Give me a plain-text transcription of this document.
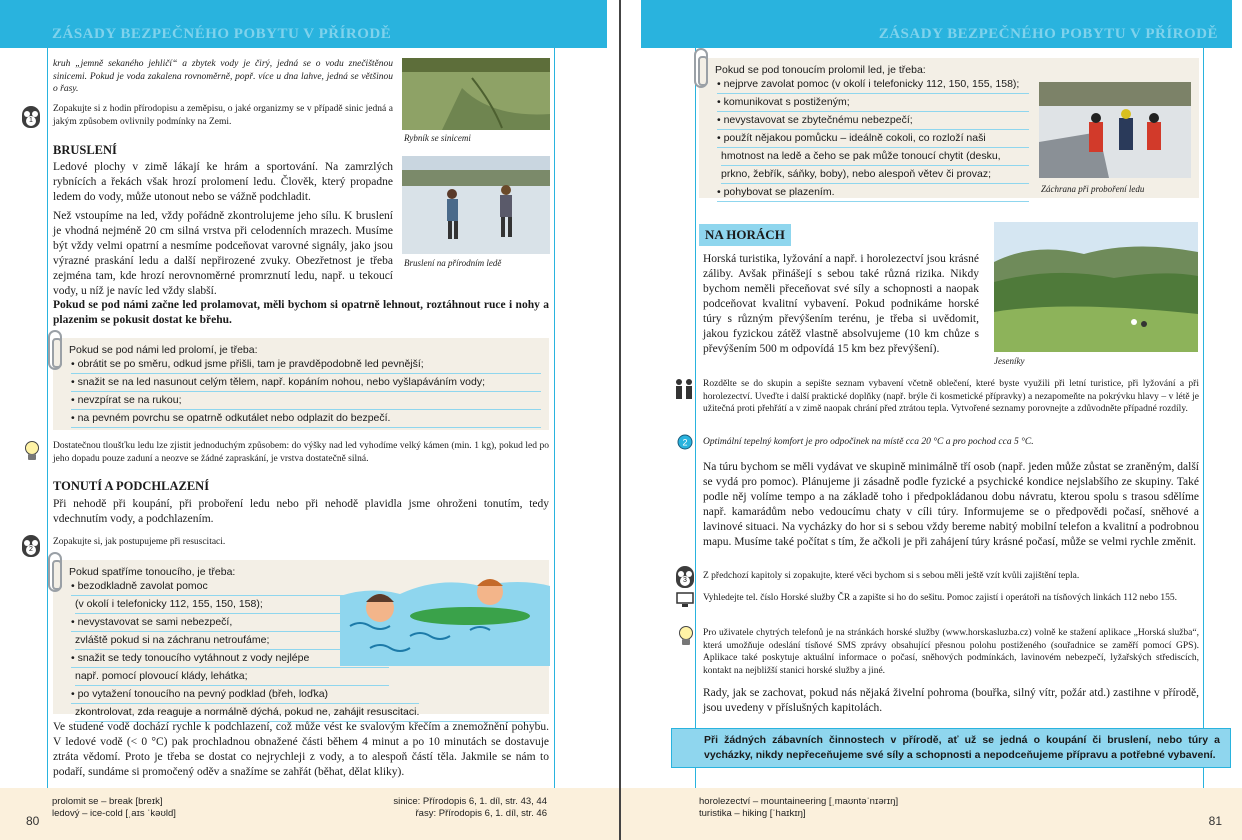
ZÁSADY BEZPEČNÉHO POBYTU V PŘÍRODĚ
kruh „jemně sekaného jehličí“ a zbytek vody je čirý, jedná se o vodu znečištěnou sinicemi. Pokud je voda zakalena rovnoměrně, popř. více u dna lahve, jedná se většinou o řasy.
1
Zopakujte si z hodin přírodopisu a zeměpisu, o jaké organizmy se v případě sinic jedná a jakým způsobem ovlivnily podmínky na Zemi.
Rybník se sinicemi
BRUSLENÍ
Ledové plochy v zimě lákají ke hrám a sportování. Na zamrzlých rybnících a řekách však hrozí prolomení ledu. Člověk, který propadne ledem do vody, může utonout nebo se vážně podchladit.
Bruslení na přírodním ledě
Než vstoupíme na led, vždy pořádně zkontrolujeme jeho sílu. K bruslení je vhodná nejméně 20 cm silná vrstva při celodenních mrazech. Musíme být vždy velmi opatrní a nesmíme podceňovat varovné signály, jako jsou výrazné praskání ledu a další nepřirozené zvuky. Obezřetnost je třeba zejména tam, kde hrozí nerovnoměrné promrznutí ledu, např. u tekoucí vody, u níž je navíc led vždy slabší.
Pokud se pod námi začne led prolamovat, měli bychom si opatrně lehnout, roztáhnout ruce i nohy a plazenim se pokusit dostat ke břehu.
Pokud se pod námi led prolomí, je třeba:
• obrátit se po směru, odkud jsme přišli, tam je pravděpodobně led pevnější;
• snažit se na led nasunout celým tělem, např. kopáním nohou, nebo vyšlapáváním vody;
• nevzpírat se na rukou;
• na pevném povrchu se opatrně odkutálet nebo odplazit do bezpečí.
Dostatečnou tloušťku ledu lze zjistit jednoduchým způsobem: do výšky nad led vyhodíme velký kámen (min. 1 kg), pokud led po jeho dopadu pouze zaduní a neozve se žádné zapraskání, je vrstva dostatečně silná.
TONUTÍ A PODCHLAZENÍ
Při nehodě při koupání, při proboření ledu nebo při nehodě plavidla jsme ohroženi tonutím, tedy vdechnutím vody, a podchlazením.
2
Zopakujte si, jak postupujeme při resuscitaci.
Pokud spatříme tonoucího, je třeba:
• bezodkladně zavolat pomoc
(v okolí i telefonicky 112, 155, 150, 158);
• nevystavovat se sami nebezpečí,
zvláště pokud si na záchranu netroufáme;
• snažit se tedy tonoucího vytáhnout z vody nejlépe
např. pomocí plovoucí klády, lehátka;
• po vytažení tonoucího na pevný podklad (břeh, loďka)
zkontrolovat, zda reaguje a normálně dýchá, pokud ne, zahájit resuscitaci.
Ve studené vodě dochází rychle k podchlazení, což může vést ke svalovým křečím a znemožnění pohybu. V ledové vodě (< 0 °C) pak prochladnou obnažené části během 4 minut a po 10 minutách se dostavuje ztráta vědomí. Proto je třeba se dostat co nejrychleji z vody, a to alespoň částí těla. Jakmile se nám to podaří, sundáme si promočený oděv a snažíme se zahřát (běhat, dělat kliky).
prolomit se – break [breɪk]
ledový – ice-cold [ˌaɪs ˈkəʊld]
sinice: Přírodopis 6, 1. díl, str. 43, 44
řasy: Přírodopis 6, 1. díl, str. 46
80
ZÁSADY BEZPEČNÉHO POBYTU V PŘÍRODĚ
Pokud se pod tonoucím prolomil led, je třeba:
• nejprve zavolat pomoc (v okolí i telefonicky 112, 150, 155, 158);
• komunikovat s postiženým;
• nevystavovat se zbytečnému nebezpečí;
• použít nějakou pomůcku – ideálně cokoli, co rozloží naši
hmotnost na ledě a čeho se pak může tonoucí chytit (desku,
prkno, žebřík, sáňky, boby), nebo alespoň větev či provaz;
• pohybovat se plazením.	Záchrana při proboření ledu
NA HORÁCH
Horská turistika, lyžování a např. i horolezectví jsou krásné záliby. Avšak přinášejí s sebou také různá rizika. Nikdy bychom neměli přeceňovat své síly a schopnosti a naopak podceňovat kvalitní vybavení. Pokud podnikáme horské túry s různým převýšením terénu, je třeba si uvědomit, jakou fyzickou zátěž vlastně absolvujeme (10 km chůze s převýšením 500 m odpovídá 15 km bez převýšení).
Jeseníky
Rozdělte se do skupin a sepište seznam vybavení včetně oblečení, které byste využili při letní turistice, při lyžování a při horolezectví. Uveďte i další praktické doplňky (např. brýle či kosmetické přípravky) a nezapomeňte na pokrývku hlavy – v létě je užitečná proti přehřátí a v zimě naopak chrání před ztrátou tepla. Vytvořené seznamy porovnejte a zdůvodněte případné rozdíly.
2 Optimální tepelný komfort je pro odpočinek na místě cca 20 °C a pro pochod cca 5 °C.
Na túru bychom se měli vydávat ve skupině minimálně tří osob (např. jeden může zůstat se zraněným, další se vydá pro pomoc). Plánujeme ji zásadně podle fyzické a psychické kondice nejslabšího ze skupiny. Také podle něj volíme tempo a na základě toho i předpokládanou dobu návratu, kterou spolu s trasou sdělíme např. kamarádům nebo vedoucímu chaty v cíli túry. Informujeme se o předpovědi počasí, sněhové a lavinové situaci. Na vycházky do hor si s sebou vždy bereme nabitý mobilní telefon a kvalitní a podrobnou mapu. Musíme také počítat s tím, že ačkoli je při zahájení túry krásné počasí, může se velmi rychle změnit.
3	Z předchozí kapitoly si zopakujte, které věci bychom si s sebou měli ještě vzít kvůli zajištění tepla.
Vyhledejte tel. číslo Horské služby ČR a zapište si ho do sešitu. Pomoc zajistí i operátoři na tísňových linkách 112 nebo 155.
Pro uživatele chytrých telefonů je na stránkách horské služby (www.horskasluzba.cz) volně ke stažení aplikace „Horská služba“, která umožňuje odeslání tísňové SMS zprávy obsahující přesnou polohu postiženého (souřadnice se zaměří pomocí GPS). Aplikace také poskytuje aktuální informace o počasí, sněhových podmínkách, lavinovém nebezpečí, lyžařských střediscích, kontakt na nejbližší stanici horské služby a jiné.
Rady, jak se zachovat, pokud nás nějaká živelní pohroma (bouřka, silný vítr, požár atd.) zastihne v přírodě, jsou uvedeny v příslušných kapitolách.
Při žádných zábavních činnostech v přírodě, ať už se jedná o koupání či bruslení, nebo túry a vycházky, nikdy nepřeceňujeme své síly a schopnosti a nepodceňujeme přípravu a potřebné vybavení.
horolezectví – mountaineering [ˌmaʊntəˈnɪərɪŋ]
turistika – hiking [ˈhaɪkɪŋ]
81
